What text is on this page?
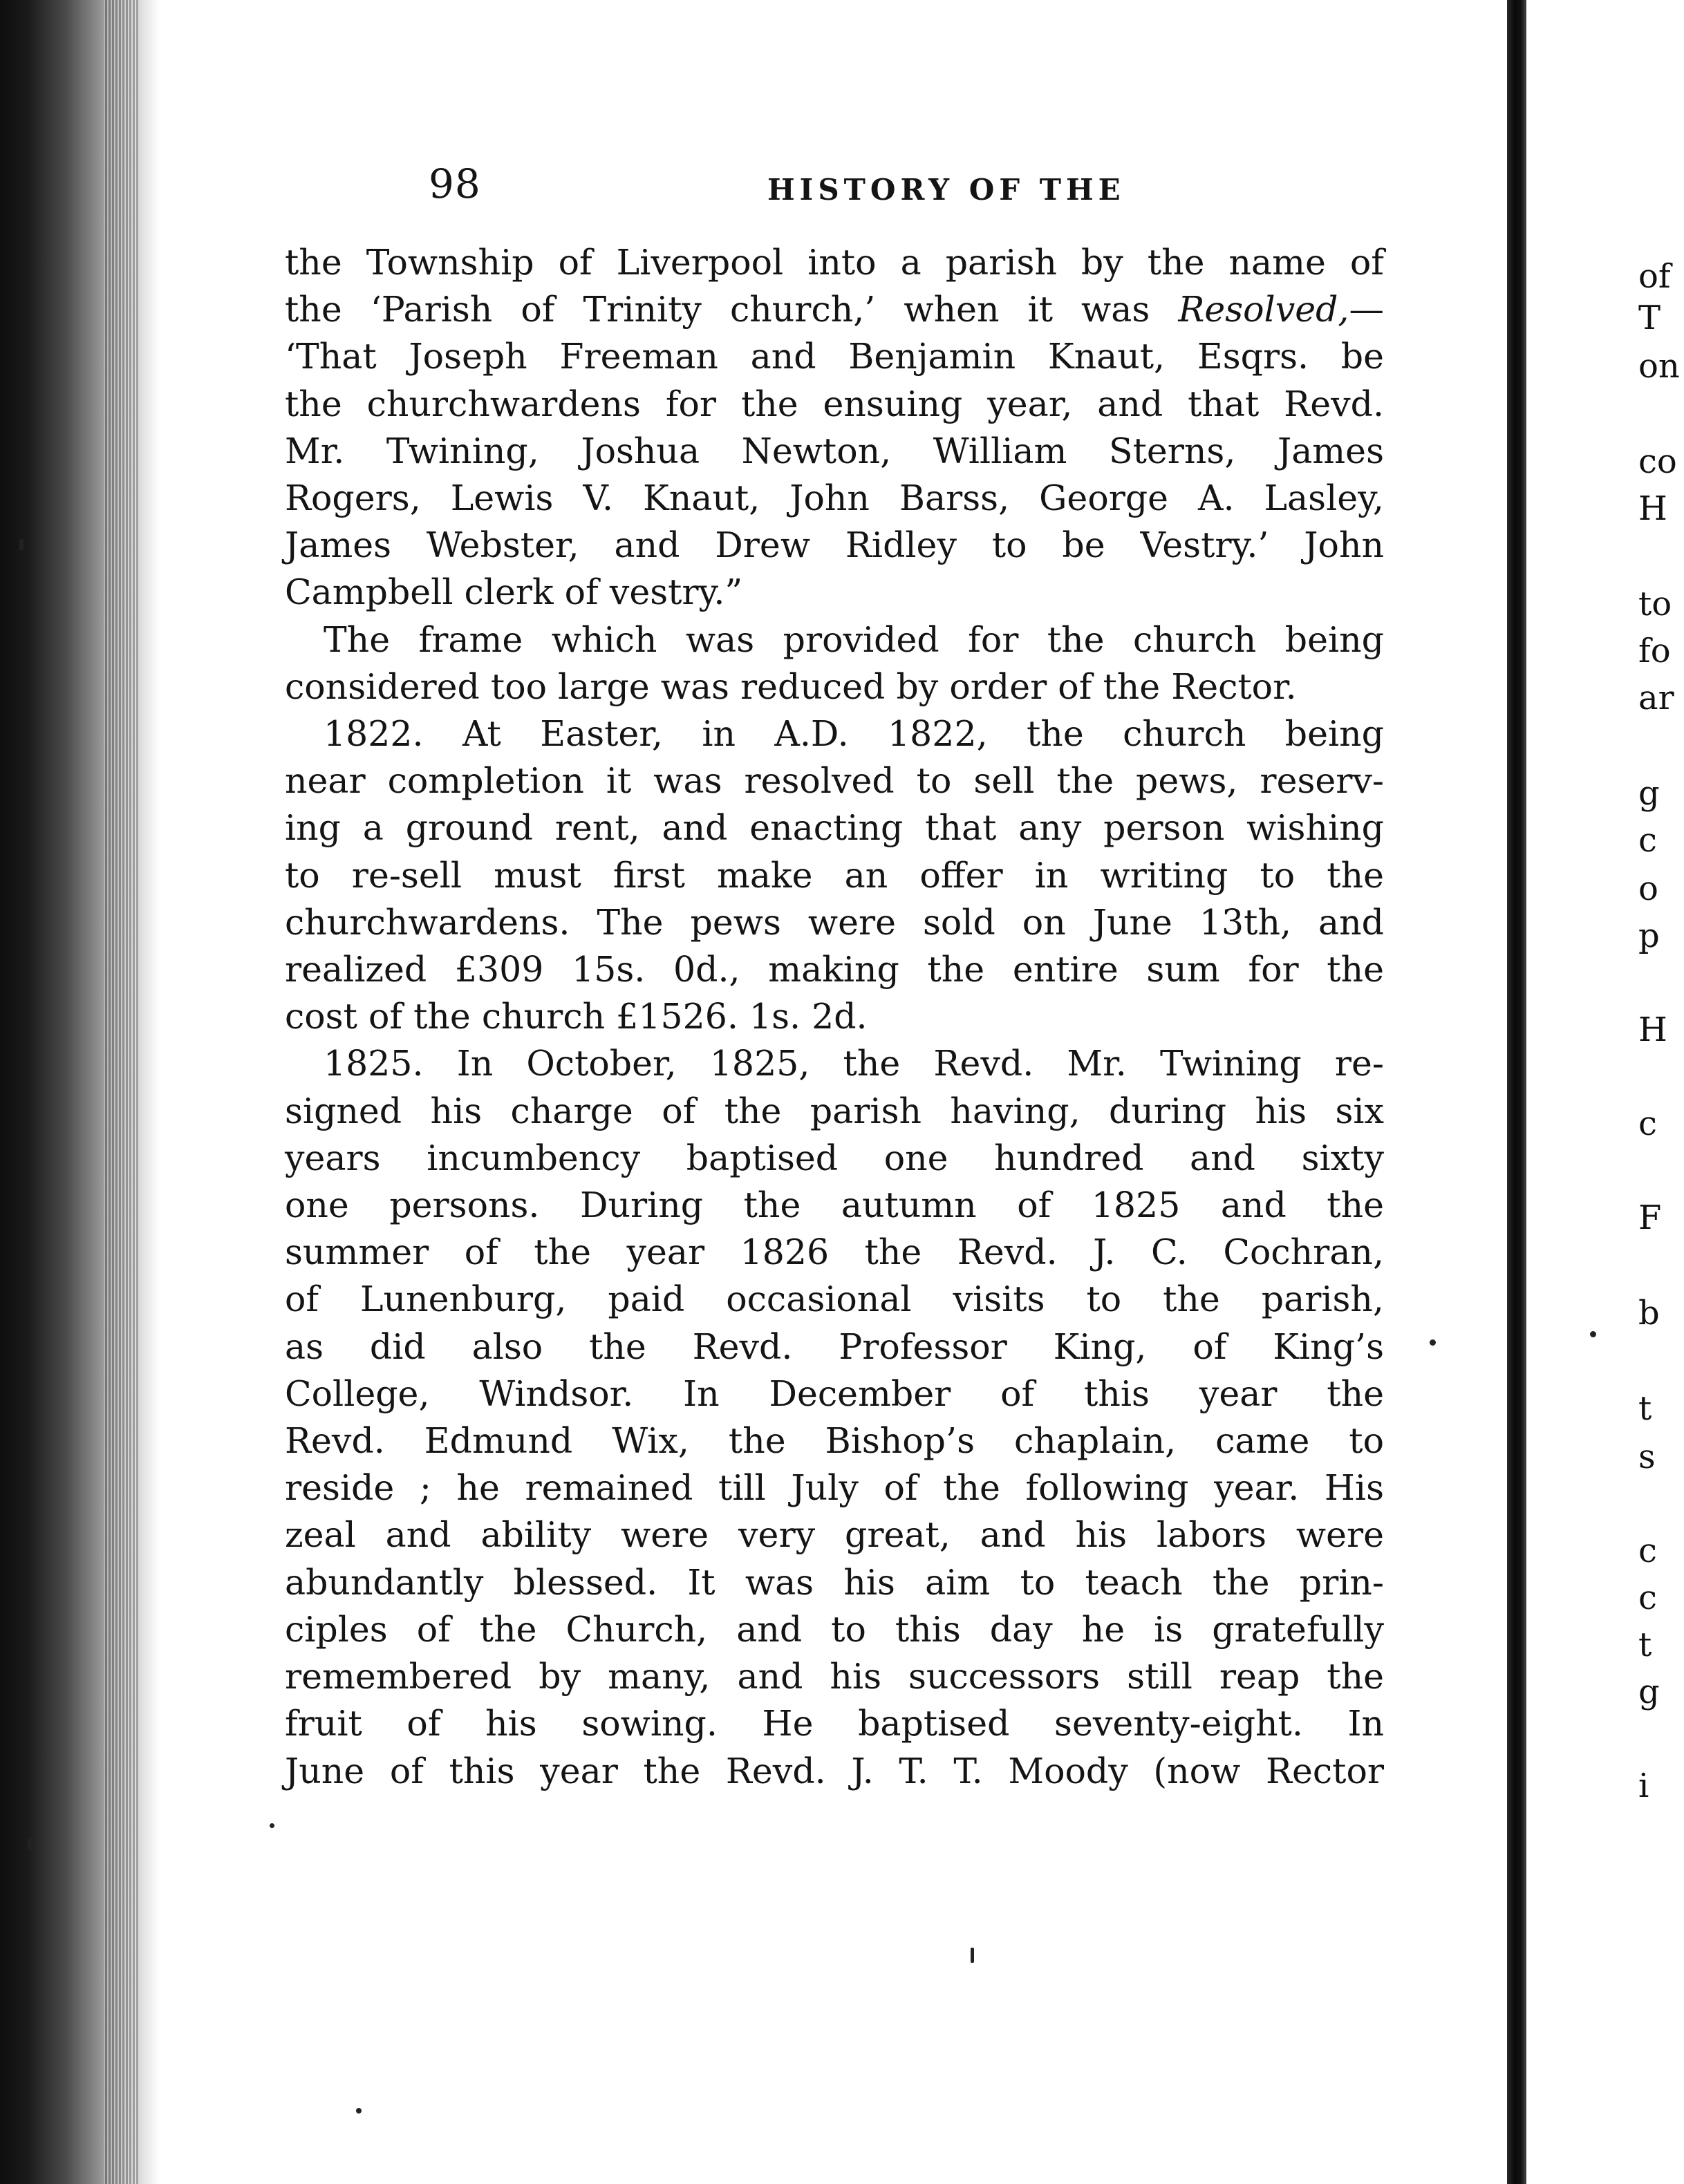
98	HISTORY OF THE
the Township of Liverpool into a parish by the name of
the ‘Parish of Trinity church,’ when it was Resolved,—
‘That Joseph Freeman and Benjamin Knaut, Esqrs. be
the churchwardens for the ensuing year, and that Revd.
Mr. Twining, Joshua Newton, William Sterns, James
Rogers, Lewis V. Knaut, John Barss, George A. Lasley,
James Webster, and Drew Ridley to be Vestry.’ John
Campbell clerk of vestry.”
The frame which was provided for the church being
considered too large was reduced by order of the Rector.
1822. At Easter, in A.D. 1822, the church being
near completion it was resolved to sell the pews, reserv-
ing a ground rent, and enacting that any person wishing
to re-sell must first make an offer in writing to the
churchwardens. The pews were sold on June 13th, and
realized £309 15s. 0d., making the entire sum for the
cost of the church £1526. 1s. 2d.
1825. In October, 1825, the Revd. Mr. Twining re-
signed his charge of the parish having, during his six
years incumbency baptised one hundred and sixty
one persons. During the autumn of 1825 and the
summer of the year 1826 the Revd. J. C. Cochran,
of Lunenburg, paid occasional visits to the parish,
as did also the Revd. Professor King, of King’s
College, Windsor. In December of this year the
Revd. Edmund Wix, the Bishop’s chaplain, came to
reside ; he remained till July of the following year. His
zeal and ability were very great, and his labors were
abundantly blessed. It was his aim to teach the prin-
ciples of the Church, and to this day he is gratefully
remembered by many, and his successors still reap the
fruit of his sowing. He baptised seventy-eight. In
June of this year the Revd. J. T. T. Moody (now Rector
of
T
on
co
H
to
fo
ar
g
c
o
p
H
c
F
b
t
s
c
c
t
g
i
